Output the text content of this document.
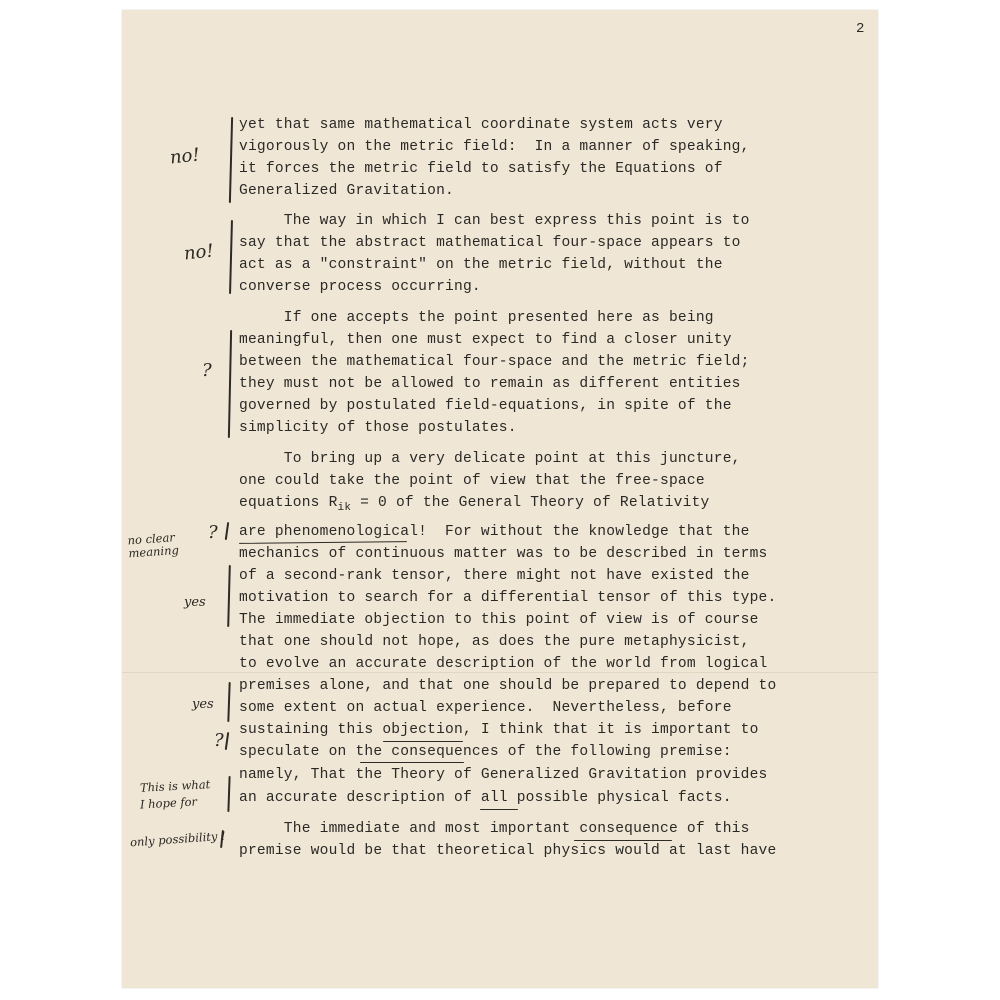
2
yet that same mathematical coordinate system acts very
vigorously on the metric field:  In a manner of speaking,
it forces the metric field to satisfy the Equations of
Generalized Gravitation.
The way in which I can best express this point is to
say that the abstract mathematical four-space appears to
act as a "constraint" on the metric field, without the
converse process occurring.
If one accepts the point presented here as being
meaningful, then one must expect to find a closer unity
between the mathematical four-space and the metric field;
they must not be allowed to remain as different entities
governed by postulated field-equations, in spite of the
simplicity of those postulates.
To bring up a very delicate point at this juncture,
one could take the point of view that the free-space
equations $R_{ik} = 0$ of the General Theory of Relativity
are phenomenological!  For without the knowledge that the
mechanics of continuous matter was to be described in terms
of a second-rank tensor, there might not have existed the
motivation to search for a differential tensor of this type.
The immediate objection to this point of view is of course
that one should not hope, as does the pure metaphysicist,
to evolve an accurate description of the world from logical
premises alone, and that one should be prepared to depend to
some extent on actual experience.  Nevertheless, before
sustaining this objection, I think that it is important to
speculate on the consequences of the following premise:
namely, That the Theory of Generalized Gravitation provides
an accurate description of all possible physical facts.
The immediate and most important consequence of this
premise would be that theoretical physics would at last have
no!
no!
?
no clear meaning
?
yes
yes
?
This is what
I hope for
only possibility !
